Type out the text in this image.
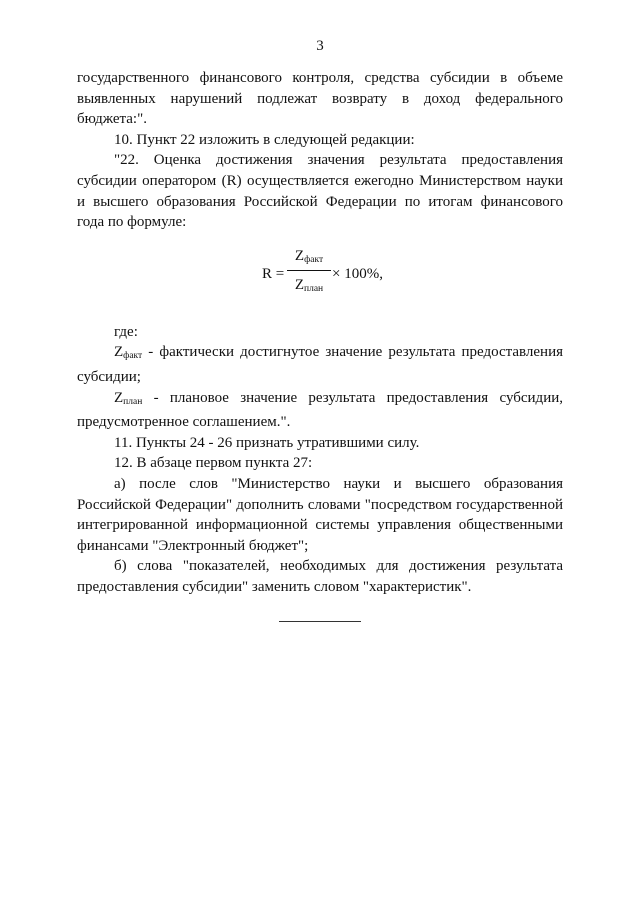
3

государственного финансового контроля, средства субсидии в объеме выявленных нарушений подлежат возврату в доход федерального бюджета:".

10. Пункт 22 изложить в следующей редакции:

"22. Оценка достижения значения результата предоставления субсидии оператором (R) осуществляется ежегодно Министерством науки и высшего образования Российской Федерации по итогам финансового года по формуле:

R =
$Z_{факт}$
$Z_{план}$
× 100%,

где:

$Z_{факт}$ - фактически достигнутое значение результата предоставления субсидии;

$Z_{план}$ - плановое значение результата предоставления субсидии, предусмотренное соглашением.".

11. Пункты 24 - 26 признать утратившими силу.

12. В абзаце первом пункта 27:

а) после слов "Министерство науки и высшего образования Российской Федерации" дополнить словами "посредством государственной интегрированной информационной системы управления общественными финансами "Электронный бюджет";

б) слова "показателей, необходимых для достижения результата предоставления субсидии" заменить словом "характеристик".
